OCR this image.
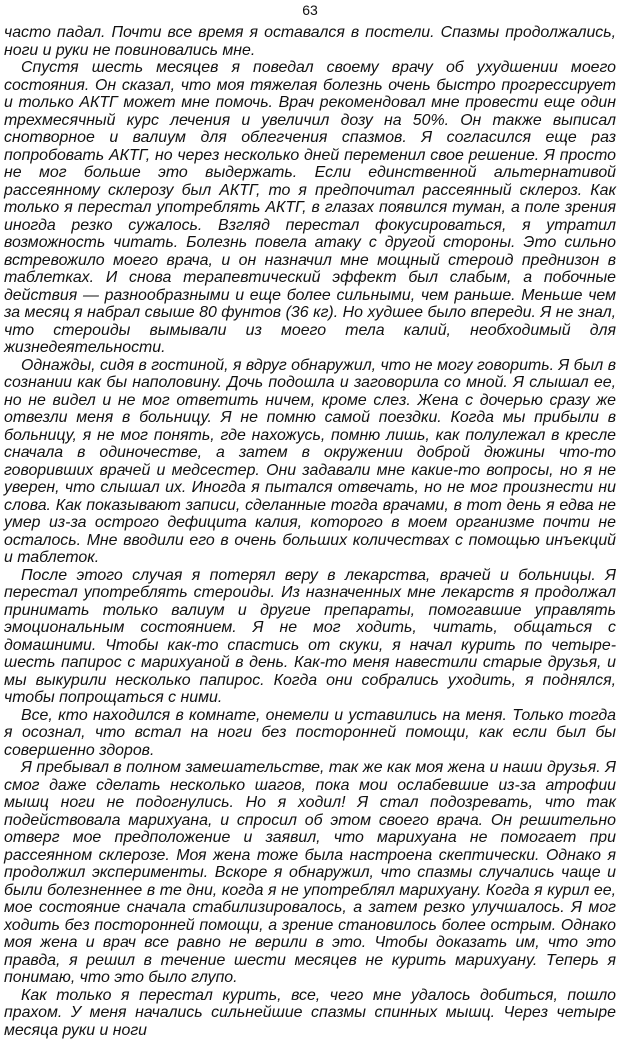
63

часто падал. Почти все время я оставался в постели. Спазмы продолжались, ноги и руки не повиновались мне.

Спустя шесть месяцев я поведал своему врачу об ухудшении моего состояния. Он сказал, что моя тяжелая болезнь очень быстро прогрессирует и только АКТГ может мне помочь. Врач рекомендовал мне провести еще один трехмесячный курс лечения и увеличил дозу на 50%. Он также выписал снотворное и валиум для облегчения спазмов. Я согласился еще раз попробовать АКТГ, но через несколько дней переменил свое решение. Я просто не мог больше это выдержать. Если единственной альтернативой рассеянному склерозу был АКТГ, то я предпочитал рассеянный склероз. Как только я перестал употреблять АКТГ, в глазах появился туман, а поле зрения иногда резко сужалось. Взгляд перестал фокусироваться, я утратил возможность читать. Болезнь повела атаку с другой стороны. Это сильно встревожило моего врача, и он назначил мне мощный стероид преднизон в таблетках. И снова терапевтический эффект был слабым, а побочные действия — разнообразными и еще более сильными, чем раньше. Меньше чем за месяц я набрал свыше 80 фунтов (36 кг). Но худшее было впереди. Я не знал, что стероиды вымывали из моего тела калий, необходимый для жизнедеятельности.

Однажды, сидя в гостиной, я вдруг обнаружил, что не могу говорить. Я был в сознании как бы наполовину. Дочь подошла и заговорила со мной. Я слышал ее, но не видел и не мог ответить ничем, кроме слез. Жена с дочерью сразу же отвезли меня в больницу. Я не помню самой поездки. Когда мы прибыли в больницу, я не мог понять, где нахожусь, помню лишь, как полулежал в кресле сначала в одиночестве, а затем в окружении доброй дюжины что-то говоривших врачей и медсестер. Они задавали мне какие-то вопросы, но я не уверен, что слышал их. Иногда я пытался отвечать, но не мог произнести ни слова. Как показывают записи, сделанные тогда врачами, в тот день я едва не умер из-за острого дефицита калия, которого в моем организме почти не осталось. Мне вводили его в очень больших количествах с помощью инъекций и таблеток.

После этого случая я потерял веру в лекарства, врачей и больницы. Я перестал употреблять стероиды. Из назначенных мне лекарств я продолжал принимать только валиум и другие препараты, помогавшие управлять эмоциональным состоянием. Я не мог ходить, читать, общаться с домашними. Чтобы как-то спастись от скуки, я начал курить по четыре-шесть папирос с марихуаной в день. Как-то меня навестили старые друзья, и мы выкурили несколько папирос. Когда они собрались уходить, я поднялся, чтобы попрощаться с ними.

Все, кто находился в комнате, онемели и уставились на меня. Только тогда я осознал, что встал на ноги без посторонней помощи, как если был бы совершенно здоров.

Я пребывал в полном замешательстве, так же как моя жена и наши друзья. Я смог даже сделать несколько шагов, пока мои ослабевшие из-за атрофии мышц ноги не подогнулись. Но я ходил! Я стал подозревать, что так подействовала марихуана, и спросил об этом своего врача. Он решительно отверг мое предположение и заявил, что марихуана не помогает при рассеянном склерозе. Моя жена тоже была настроена скептически. Однако я продолжил эксперименты. Вскоре я обнаружил, что спазмы случались чаще и были болезненнее в те дни, когда я не употреблял марихуану. Когда я курил ее, мое состояние сначала стабилизировалось, а затем резко улучшалось. Я мог ходить без посторонней помощи, а зрение становилось более острым. Однако моя жена и врач все равно не верили в это. Чтобы доказать им, что это правда, я решил в течение шести месяцев не курить марихуану. Теперь я понимаю, что это было глупо.

Как только я перестал курить, все, чего мне удалось добиться, пошло прахом. У меня начались сильнейшие спазмы спинных мышц. Через четыре месяца руки и ноги
